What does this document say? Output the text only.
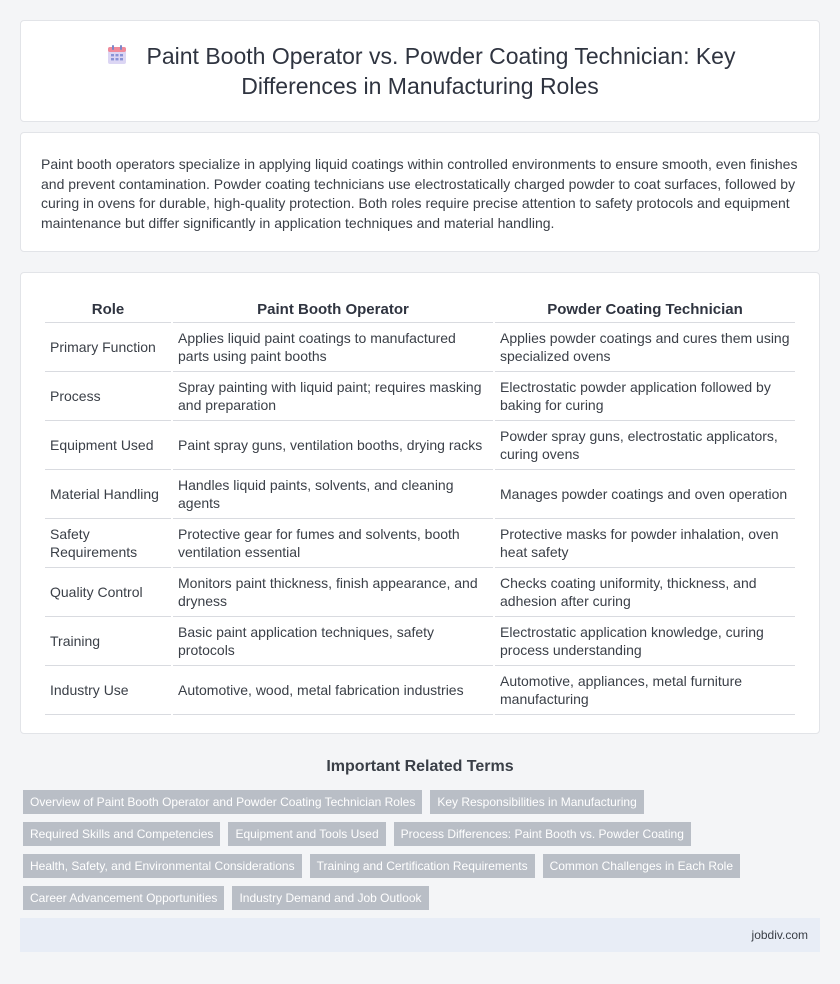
Paint Booth Operator vs. Powder Coating Technician: Key Differences in Manufacturing Roles

Paint booth operators specialize in applying liquid coatings within controlled environments to ensure smooth, even finishes and prevent contamination. Powder coating technicians use electrostatically charged powder to coat surfaces, followed by curing in ovens for durable, high-quality protection. Both roles require precise attention to safety protocols and equipment maintenance but differ significantly in application techniques and material handling.

Role	Paint Booth Operator	Powder Coating Technician
Primary Function	Applies liquid paint coatings to manufactured parts using paint booths	Applies powder coatings and cures them using specialized ovens
Process	Spray painting with liquid paint; requires masking and preparation	Electrostatic powder application followed by baking for curing
Equipment Used	Paint spray guns, ventilation booths, drying racks	Powder spray guns, electrostatic applicators, curing ovens
Material Handling	Handles liquid paints, solvents, and cleaning agents	Manages powder coatings and oven operation
Safety Requirements	Protective gear for fumes and solvents, booth ventilation essential	Protective masks for powder inhalation, oven heat safety
Quality Control	Monitors paint thickness, finish appearance, and dryness	Checks coating uniformity, thickness, and adhesion after curing
Training	Basic paint application techniques, safety protocols	Electrostatic application knowledge, curing process understanding
Industry Use	Automotive, wood, metal fabrication industries	Automotive, appliances, metal furniture manufacturing
Important Related Terms
Overview of Paint Booth Operator and Powder Coating Technician Roles	Key Responsibilities in Manufacturing
Required Skills and Competencies	Equipment and Tools Used	Process Differences: Paint Booth vs. Powder Coating
Health, Safety, and Environmental Considerations	Training and Certification Requirements	Common Challenges in Each Role
Career Advancement Opportunities	Industry Demand and Job Outlook
jobdiv.com
